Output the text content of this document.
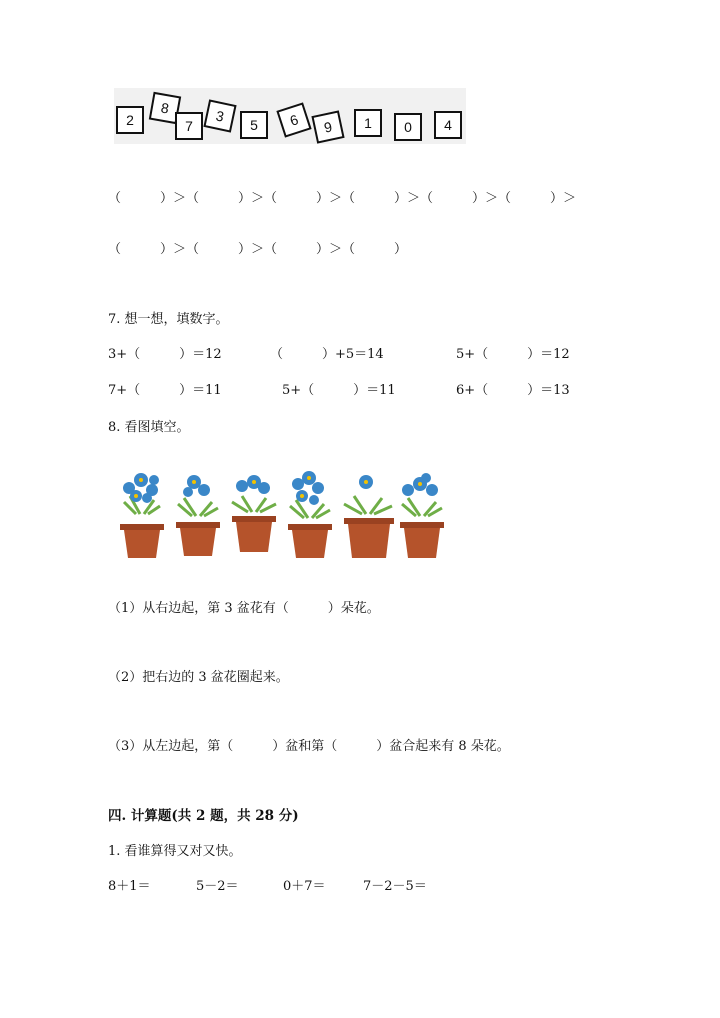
2
8
7
3
5	6	9	1	0	4
（　　　）＞（　　　）＞（　　　）＞（　　　）＞（　　　）＞（　　　）＞
（　　　）＞（　　　）＞（　　　）＞（　　　）
7. 想一想，填数字。
3+（　　　）＝12	（　　　）+5＝14	5+（　　　）＝12
7+（　　　）＝11	5+（　　　）＝11	6+（　　　）＝13
8. 看图填空。
（1）从右边起，第 3 盆花有（　　　）朵花。
（2）把右边的 3 盆花圈起来。
（3）从左边起，第（　　　）盆和第（　　　）盆合起来有 8 朵花。
四. 计算题(共 2 题，共 28 分)
1. 看谁算得又对又快。
8＋1＝	5－2＝	0＋7＝	7－2－5＝
